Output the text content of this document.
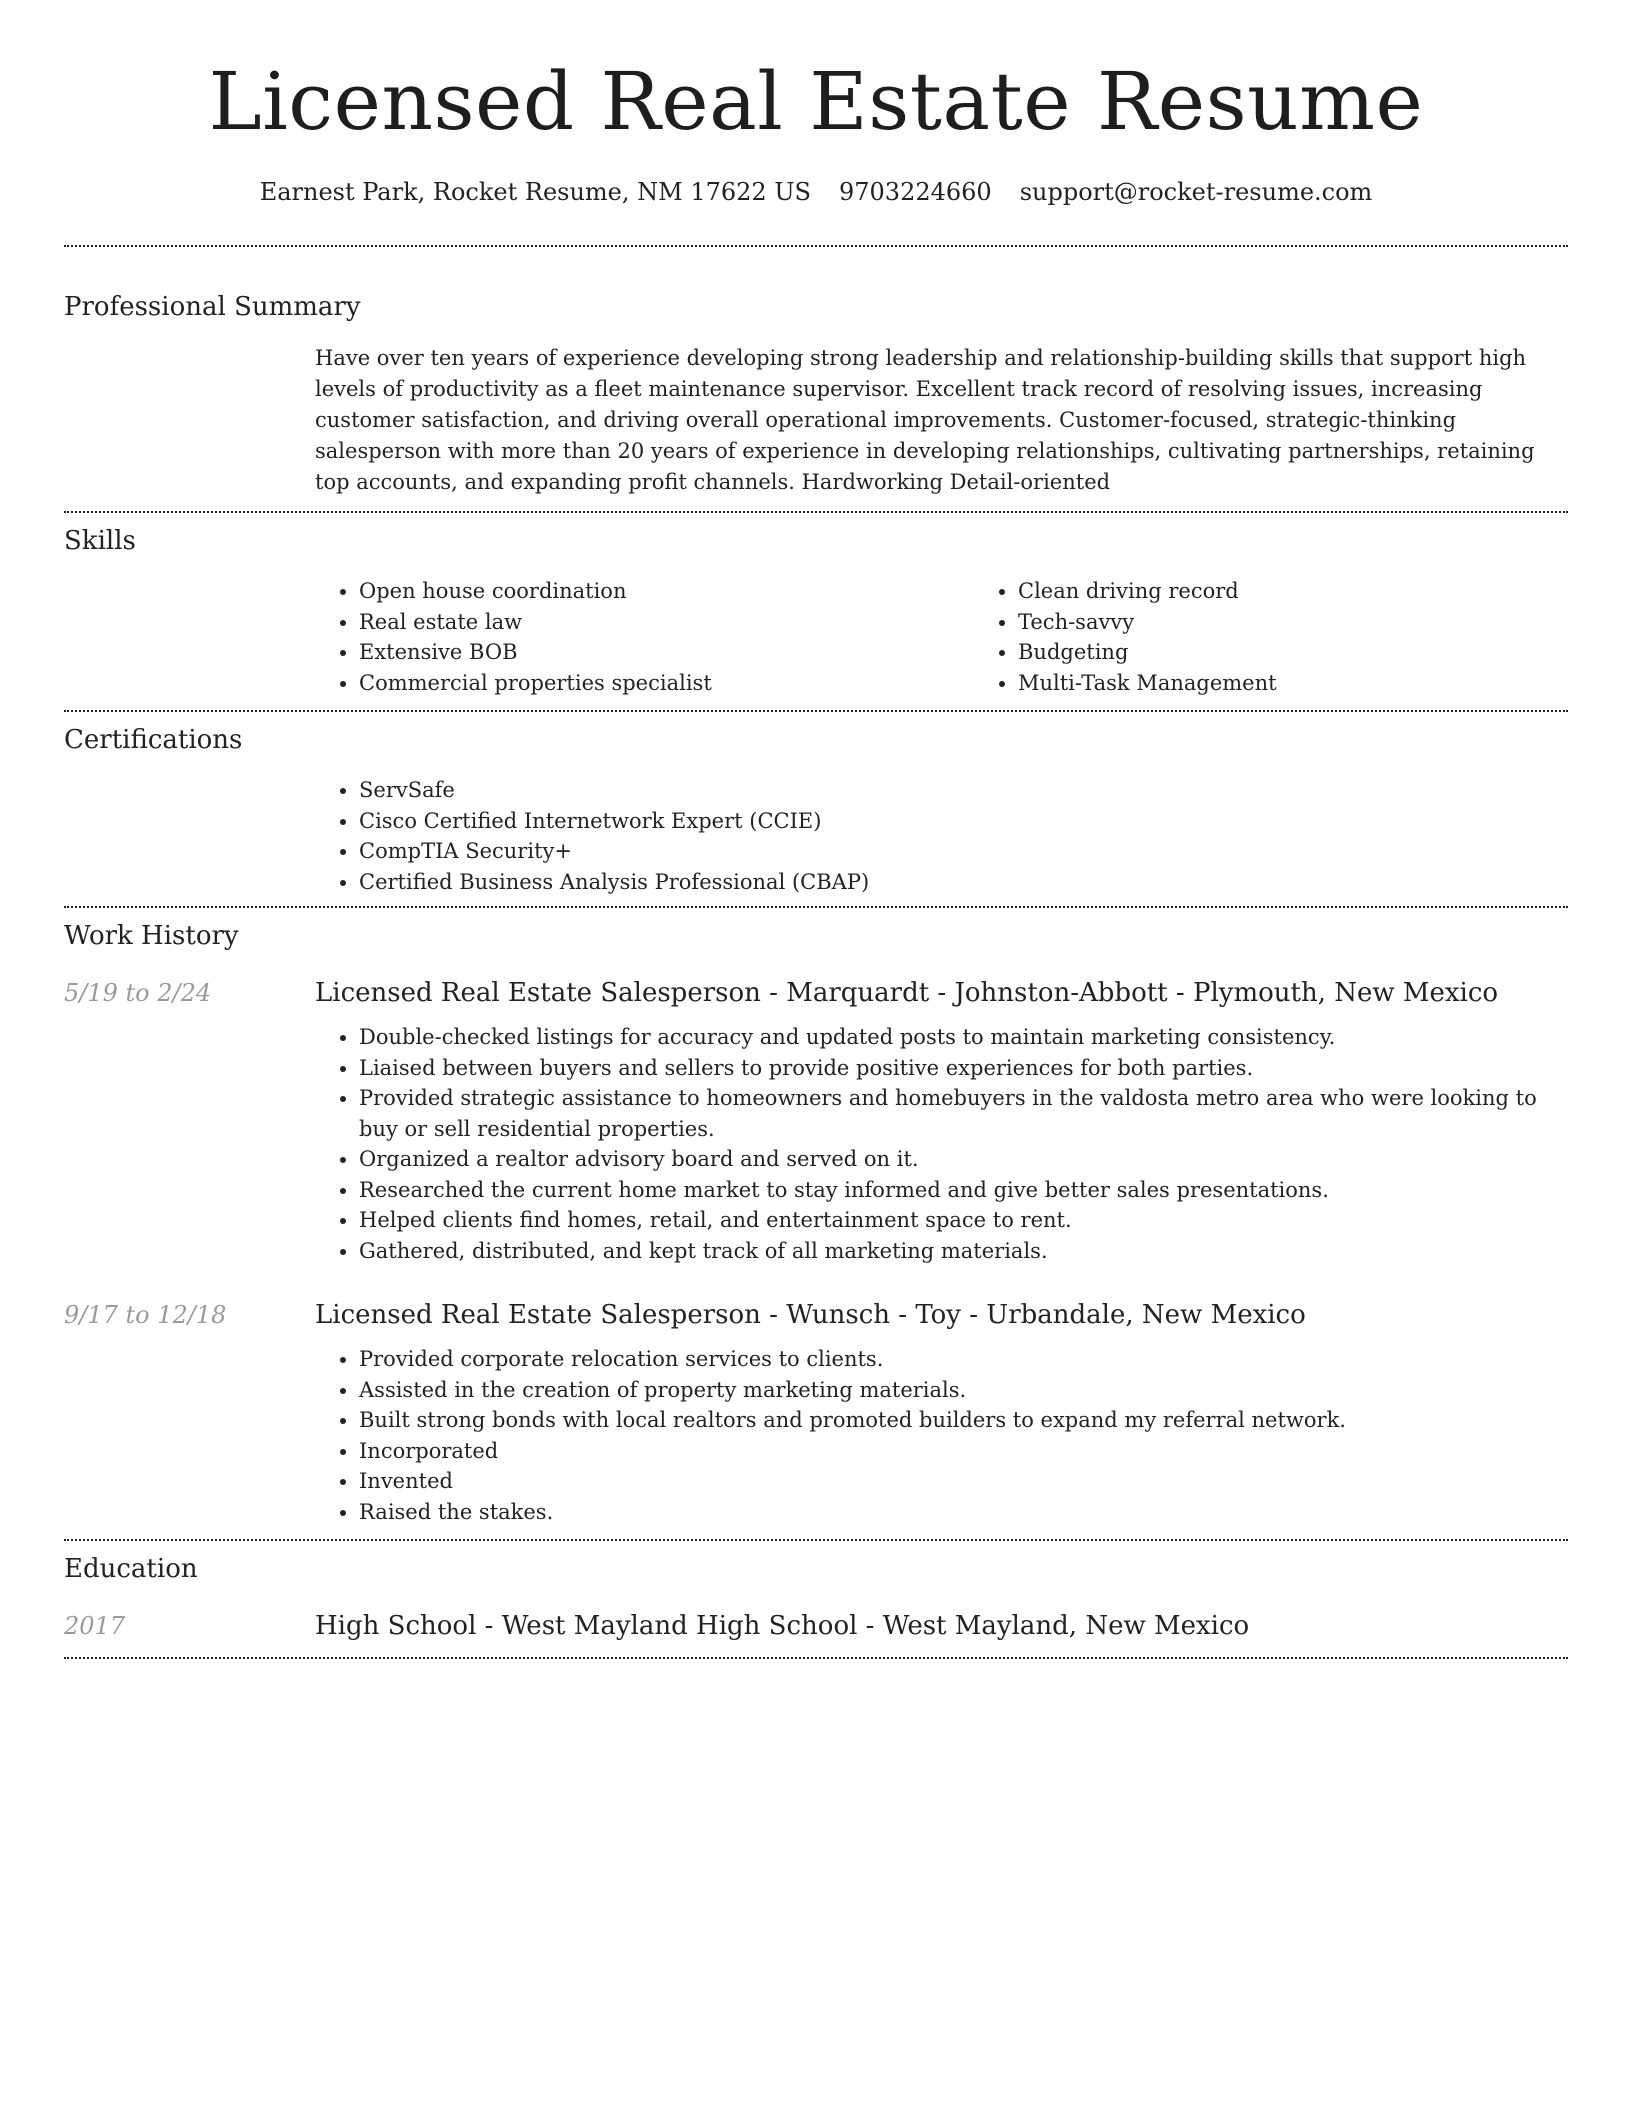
Licensed Real Estate Resume
Earnest Park, Rocket Resume, NM 17622 US 9703224660 support@rocket-resume.com
Professional Summary

Have over ten years of experience developing strong leadership and relationship-building skills that support high levels of productivity as a fleet maintenance supervisor. Excellent track record of resolving issues, increasing customer satisfaction, and driving overall operational improvements. Customer-focused, strategic-thinking salesperson with more than 20 years of experience in developing relationships, cultivating partnerships, retaining top accounts, and expanding profit channels. Hardworking Detail-oriented

Skills
• Open house coordination
• Real estate law
• Extensive BOB
• Commercial properties specialist
• Clean driving record
• Tech-savvy
• Budgeting
• Multi-Task Management
Certifications
• ServSafe
• Cisco Certified Internetwork Expert (CCIE)
• CompTIA Security+
• Certified Business Analysis Professional (CBAP)
Work History
5/19 to 2/24	Licensed Real Estate Salesperson - Marquardt - Johnston-Abbott - Plymouth, New Mexico
• Double-checked listings for accuracy and updated posts to maintain marketing consistency.
• Liaised between buyers and sellers to provide positive experiences for both parties.
• Provided strategic assistance to homeowners and homebuyers in the valdosta metro area who were looking to buy or sell residential properties.
• Organized a realtor advisory board and served on it.
• Researched the current home market to stay informed and give better sales presentations.
• Helped clients find homes, retail, and entertainment space to rent.
• Gathered, distributed, and kept track of all marketing materials.
9/17 to 12/18	Licensed Real Estate Salesperson - Wunsch - Toy - Urbandale, New Mexico
• Provided corporate relocation services to clients.
• Assisted in the creation of property marketing materials.
• Built strong bonds with local realtors and promoted builders to expand my referral network.
• Incorporated
• Invented
• Raised the stakes.
Education
2017	High School - West Mayland High School - West Mayland, New Mexico
